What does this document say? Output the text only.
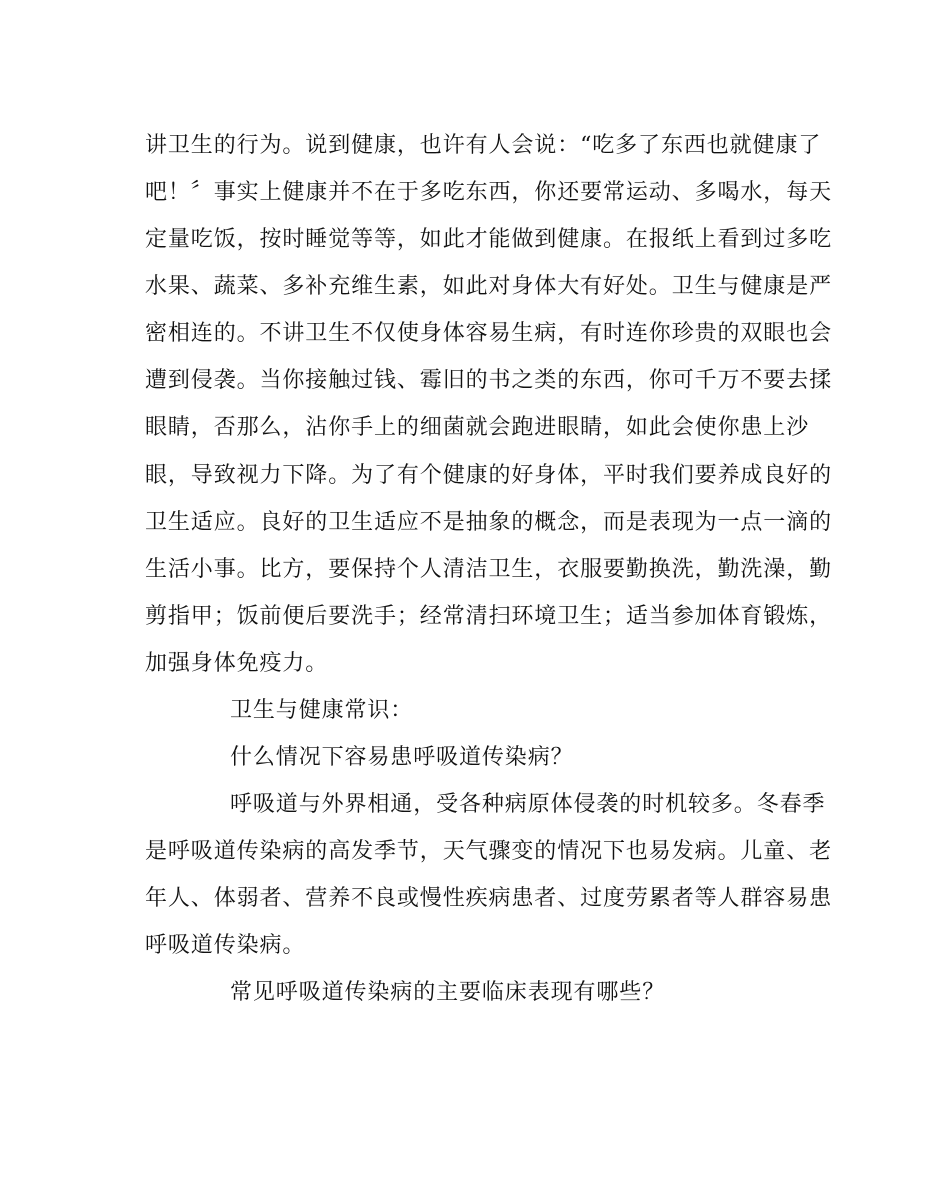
讲卫生的行为。说到健康，也许有人会说：“吃多了东西也就健康了
吧！〞事实上健康并不在于多吃东西，你还要常运动、多喝水，每天
定量吃饭，按时睡觉等等，如此才能做到健康。在报纸上看到过多吃
水果、蔬菜、多补充维生素，如此对身体大有好处。卫生与健康是严
密相连的。不讲卫生不仅使身体容易生病，有时连你珍贵的双眼也会
遭到侵袭。当你接触过钱、霉旧的书之类的东西，你可千万不要去揉
眼睛，否那么，沾你手上的细菌就会跑进眼睛，如此会使你患上沙
眼，导致视力下降。为了有个健康的好身体，平时我们要养成良好的
卫生适应。良好的卫生适应不是抽象的概念，而是表现为一点一滴的
生活小事。比方，要保持个人清洁卫生，衣服要勤换洗，勤洗澡，勤
剪指甲；饭前便后要洗手；经常清扫环境卫生；适当参加体育锻炼，
加强身体免疫力。
卫生与健康常识：
什么情况下容易患呼吸道传染病？
呼吸道与外界相通，受各种病原体侵袭的时机较多。冬春季
是呼吸道传染病的高发季节，天气骤变的情况下也易发病。儿童、老
年人、体弱者、营养不良或慢性疾病患者、过度劳累者等人群容易患
呼吸道传染病。
常见呼吸道传染病的主要临床表现有哪些？
